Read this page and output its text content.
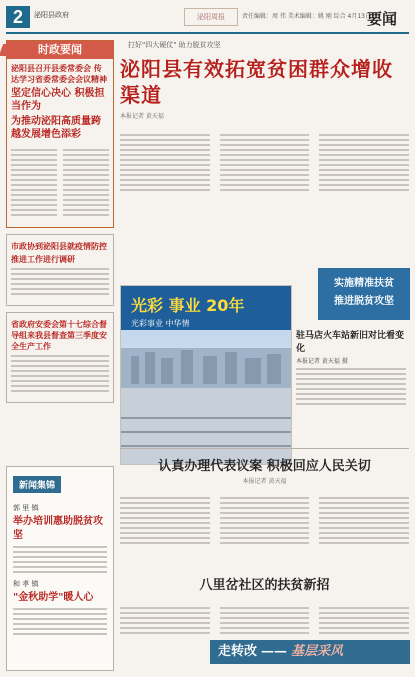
2	泌阳县政府	泌阳周报	责任编辑：周 伟 美术编辑：姚 刚 综合 4月13日
要闻
时政要闻
泌阳县召开县委常委会 传达学习省委常委会会议精神
坚定信心决心 积极担当作为
为推动泌阳高质量跨越发展增色添彩
市政协到泌阳县就疫情防控
推进工作进行调研
省政府安委会第十七综合督导组来我县督查第三季度安全生产工作
打好"四大硬仗" 助力脱贫攻坚
泌阳县有效拓宽贫困群众增收渠道
本报记者 黄天福
实施精准扶贫
推进脱贫攻坚
光彩 事业 20年
光彩事业 中华情
驻马店火车站新旧对比看变化
本报记者 黄天福 摄
认真办理代表议案 积极回应人民关切
本报记者 黄天福
八里岔社区的扶贫新招
走转改 —— 基层采风
新闻集锦
郭 里 镇
举办培训惠助脱贫攻坚
和 孝 镇
"金秋助学"暖人心
